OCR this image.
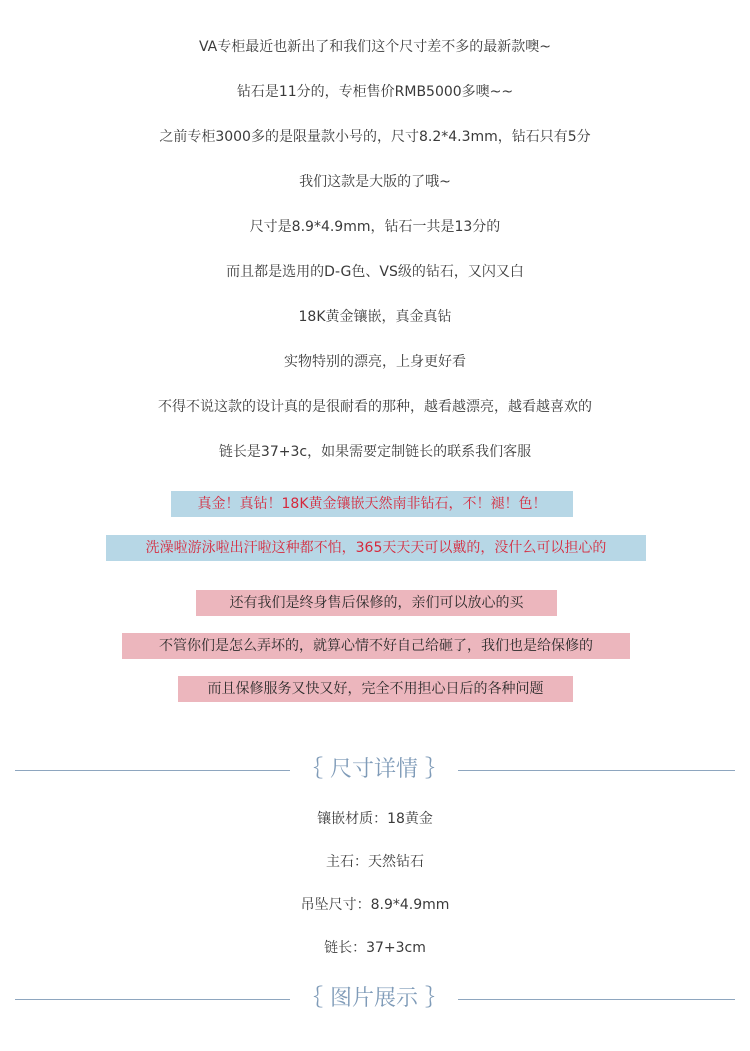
VA专柜最近也新出了和我们这个尺寸差不多的最新款噢~
钻石是11分的，专柜售价RMB5000多噢~~
之前专柜3000多的是限量款小号的，尺寸8.2*4.3mm，钻石只有5分
我们这款是大版的了哦~
尺寸是8.9*4.9mm，钻石一共是13分的
而且都是选用的D-G色、VS级的钻石，又闪又白
18K黄金镶嵌，真金真钻
实物特别的漂亮，上身更好看
不得不说这款的设计真的是很耐看的那种，越看越漂亮，越看越喜欢的
链长是37+3c，如果需要定制链长的联系我们客服
真金！真钻！18K黄金镶嵌天然南非钻石，不！褪！色！
洗澡啦游泳啦出汗啦这种都不怕，365天天天可以戴的，没什么可以担心的
还有我们是终身售后保修的，亲们可以放心的买
不管你们是怎么弄坏的，就算心情不好自己给砸了，我们也是给保修的
而且保修服务又快又好，完全不用担心日后的各种问题
｛ 尺寸详情 ｝
镶嵌材质：18黄金
主石：天然钻石
吊坠尺寸：8.9*4.9mm
链长：37+3cm
｛ 图片展示 ｝
